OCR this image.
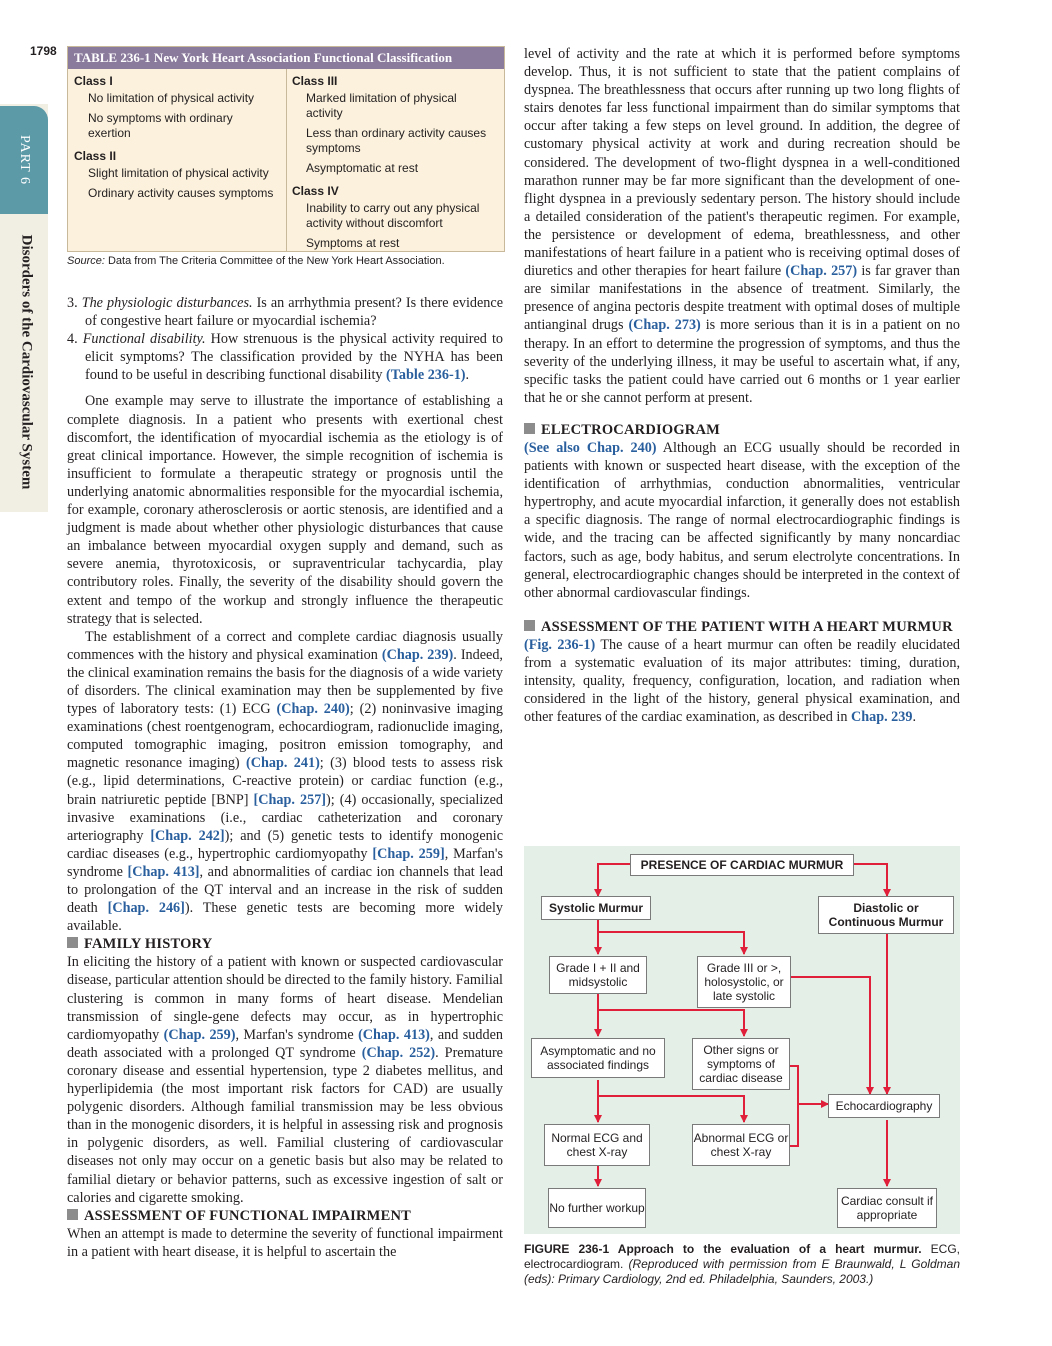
1798
PART 6
Disorders of the Cardiovascular System
TABLE 236-1 New York Heart Association Functional Classification
Class I
No limitation of physical activity
No symptoms with ordinary exertion
Class II
Slight limitation of physical activity
Ordinary activity causes symptoms
Class III
Marked limitation of physical activity
Less than ordinary activity causes symptoms
Asymptomatic at rest
Class IV
Inability to carry out any physical activity without discomfort
Symptoms at rest
Source: Data from The Criteria Committee of the New York Heart Association.

3. The physiologic disturbances. Is an arrhythmia present? Is there evidence of congestive heart failure or myocardial ischemia?

4. Functional disability. How strenuous is the physical activity required to elicit symptoms? The classification provided by the NYHA has been found to be useful in describing functional disability (Table 236-1).

One example may serve to illustrate the importance of establishing a complete diagnosis. In a patient who presents with exertional chest discomfort, the identification of myocardial ischemia as the etiology is of great clinical importance. However, the simple recognition of ischemia is insufficient to formulate a therapeutic strategy or prognosis until the underlying anatomic abnormalities responsible for the myocardial ischemia, for example, coronary atherosclerosis or aortic stenosis, are identified and a judgment is made about whether other physiologic disturbances that cause an imbalance between myocardial oxygen supply and demand, such as severe anemia, thyrotoxicosis, or supraventricular tachycardia, play contributory roles. Finally, the severity of the disability should govern the extent and tempo of the workup and strongly influence the therapeutic strategy that is selected.

The establishment of a correct and complete cardiac diagnosis usually commences with the history and physical examination (Chap. 239). Indeed, the clinical examination remains the basis for the diagnosis of a wide variety of disorders. The clinical examination may then be supplemented by five types of laboratory tests: (1) ECG (Chap. 240); (2) noninvasive imaging examinations (chest roentgenogram, echocardiogram, radionuclide imaging, computed tomographic imaging, positron emission tomography, and magnetic resonance imaging) (Chap. 241); (3) blood tests to assess risk (e.g., lipid determinations, C-reactive protein) or cardiac function (e.g., brain natriuretic peptide [BNP] [Chap. 257]); (4) occasionally, specialized invasive examinations (i.e., cardiac catheterization and coronary arteriography [Chap. 242]); and (5) genetic tests to identify monogenic cardiac diseases (e.g., hypertrophic cardiomyopathy [Chap. 259], Marfan's syndrome [Chap. 413], and abnormalities of cardiac ion channels that lead to prolongation of the QT interval and an increase in the risk of sudden death [Chap. 246]). These genetic tests are becoming more widely available.

FAMILY HISTORY

In eliciting the history of a patient with known or suspected cardiovascular disease, particular attention should be directed to the family history. Familial clustering is common in many forms of heart disease. Mendelian transmission of single-gene defects may occur, as in hypertrophic cardiomyopathy (Chap. 259), Marfan's syndrome (Chap. 413), and sudden death associated with a prolonged QT syndrome (Chap. 252). Premature coronary disease and essential hypertension, type 2 diabetes mellitus, and hyperlipidemia (the most important risk factors for CAD) are usually polygenic disorders. Although familial transmission may be less obvious than in the monogenic disorders, it is helpful in assessing risk and prognosis in polygenic disorders, as well. Familial clustering of cardiovascular diseases not only may occur on a genetic basis but also may be related to familial dietary or behavior patterns, such as excessive ingestion of salt or calories and cigarette smoking.

ASSESSMENT OF FUNCTIONAL IMPAIRMENT

When an attempt is made to determine the severity of functional impairment in a patient with heart disease, it is helpful to ascertain the

level of activity and the rate at which it is performed before symptoms develop. Thus, it is not sufficient to state that the patient complains of dyspnea. The breathlessness that occurs after running up two long flights of stairs denotes far less functional impairment than do similar symptoms that occur after taking a few steps on level ground. In addition, the degree of customary physical activity at work and during recreation should be considered. The development of two-flight dyspnea in a well-conditioned marathon runner may be far more significant than the development of one-flight dyspnea in a previously sedentary person. The history should include a detailed consideration of the patient's therapeutic regimen. For example, the persistence or development of edema, breathlessness, and other manifestations of heart failure in a patient who is receiving optimal doses of diuretics and other therapies for heart failure (Chap. 257) is far graver than are similar manifestations in the absence of treatment. Similarly, the presence of angina pectoris despite treatment with optimal doses of multiple antianginal drugs (Chap. 273) is more serious than it is in a patient on no therapy. In an effort to determine the progression of symptoms, and thus the severity of the underlying illness, it may be useful to ascertain what, if any, specific tasks the patient could have carried out 6 months or 1 year earlier that he or she cannot perform at present.

ELECTROCARDIOGRAM

(See also Chap. 240) Although an ECG usually should be recorded in patients with known or suspected heart disease, with the exception of the identification of arrhythmias, conduction abnormalities, ventricular hypertrophy, and acute myocardial infarction, it generally does not establish a specific diagnosis. The range of normal electrocardiographic findings is wide, and the tracing can be affected significantly by many noncardiac factors, such as age, body habitus, and serum electrolyte concentrations. In general, electrocardiographic changes should be interpreted in the context of other abnormal cardiovascular findings.

ASSESSMENT OF THE PATIENT WITH A HEART MURMUR

(Fig. 236-1) The cause of a heart murmur can often be readily elucidated from a systematic evaluation of its major attributes: timing, duration, intensity, quality, frequency, configuration, location, and radiation when considered in the light of the history, general physical examination, and other features of the cardiac examination, as described in Chap. 239.

PRESENCE OF CARDIAC MURMUR
Systolic Murmur	Diastolic or Continuous Murmur
Grade I + II and midsystolic
Grade III or >, holosystolic, or late systolic
Asymptomatic and no associated findings
Other signs or symptoms of cardiac disease
Echocardiography
Normal ECG and chest X-ray
Abnormal ECG or chest X-ray
No further workup	Cardiac consult if appropriate
FIGURE 236-1 Approach to the evaluation of a heart murmur. ECG, electrocardiogram. (Reproduced with permission from E Braunwald, L Goldman (eds): Primary Cardiology, 2nd ed. Philadelphia, Saunders, 2003.)
